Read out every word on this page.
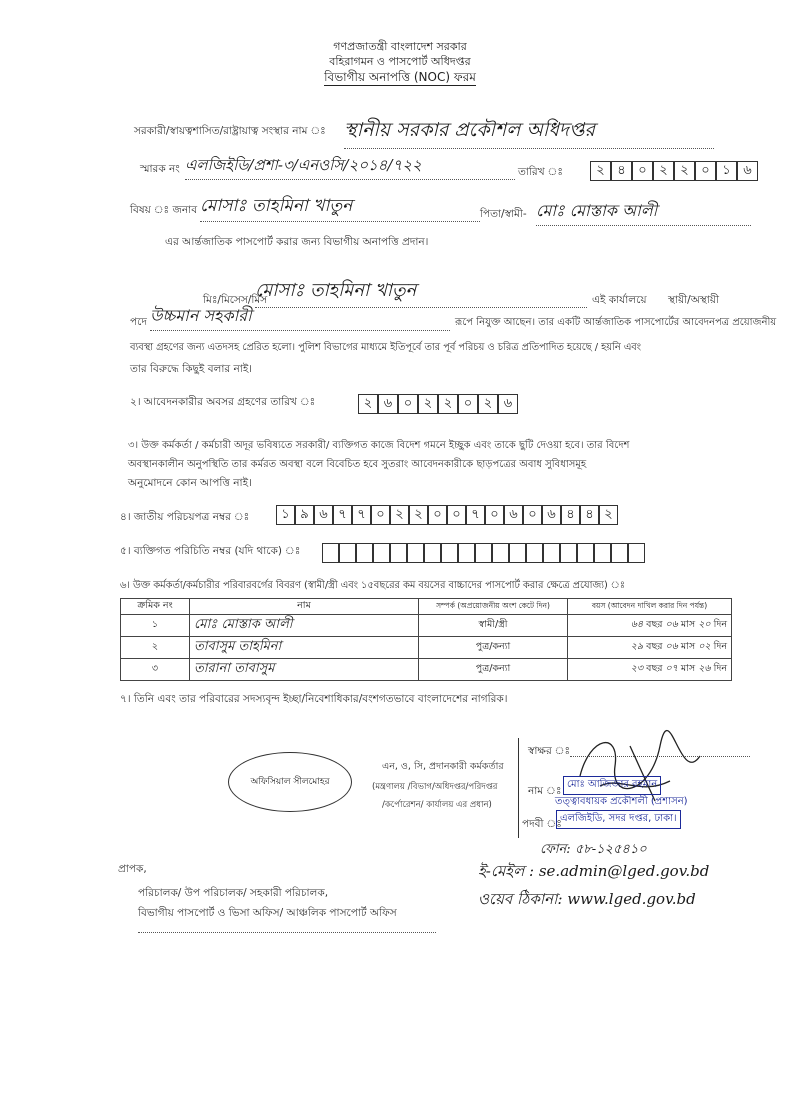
গণপ্রজাতন্ত্রী বাংলাদেশ সরকার
বহিরাগমন ও পাসপোর্ট অধিদপ্তর
বিভাগীয় অনাপত্তি (NOC) ফরম
সরকারী/স্বায়ত্বশাসিত/রাষ্ট্রায়াত্ব সংস্থার নাম ঃ স্থানীয় সরকার প্রকৌশল অধিদপ্তর
স্মারক নং এলজিইডি/প্রশা-৩/এনওসি/২০১৪/৭২২	তারিখ ঃ	২ ৪ ০ ২ ২ ০ ১ ৬
বিষয় ঃ জনাব মোসাঃ তাহমিনা খাতুন	পিতা/স্বামী- মোঃ মোস্তাক আলী
এর আর্ন্তজাতিক পাসপোর্ট করার জন্য বিভাগীয় অনাপত্তি প্রদান।
মিঃ/মিসেস/মিস
মোসাঃ তাহমিনা খাতুন	এই কার্যালয়ে স্থায়ী/অস্থায়ী
পদে উচ্চমান সহকারী	রূপে নিযুক্ত আছেন। তার একটি আর্ন্তজাতিক পাসপোর্টের আবেদনপত্র প্রয়োজনীয়
ব্যবস্থা গ্রহণের জন্য এতদসহ প্রেরিত হলো। পুলিশ বিভাগের মাধ্যমে ইতিপূর্বে তার পূর্ব পরিচয় ও চরিত্র প্রতিপাদিত হয়েছে / হয়নি এবং
তার বিরুদ্ধে কিছুই বলার নাই।
২। আবেদনকারীর অবসর গ্রহণের তারিখ ঃ	২ ৬ ০ ২ ২ ০ ২ ৬
৩। উক্ত কর্মকর্তা / কর্মচারী অদূর ভবিষ্যতে সরকারী/ ব্যক্তিগত কাজে বিদেশ গমনে ইচ্ছুক এবং তাকে ছুটি দেওয়া হবে। তার বিদেশ
অবস্থানকালীন অনুপস্থিতি তার কর্মরত অবস্থা বলে বিবেচিত হবে সুতরাং আবেদনকারীকে ছাড়পত্রের অবাধ সুবিধাসমূহ
অনুমোদনে কোন আপত্তি নাই।
৪। জাতীয় পরিচয়পত্র নম্বর ঃ	১ ৯ ৬ ৭ ৭ ০ ২ ২ ০ ০ ৭ ০ ৬ ০ ৬ ৪ ৪ ২
৫। ব্যক্তিগত পরিচিতি নম্বর (যদি থাকে) ঃ
৬। উক্ত কর্মকর্তা/কর্মচারীর পরিবারবর্গের বিবরণ (স্বামী/স্ত্রী এবং ১৫বছরের কম বয়সের বাচ্চাদের পাসপোর্ট করার ক্ষেত্রে প্রযোজ্য) ঃ
ক্রমিক নং	নাম	সম্পর্ক (অপ্রয়োজনীয় অংশ কেটে দিন)	বয়স (আবেদন দাখিল করার দিন পর্যন্ত)
১	মোঃ মোস্তাক আলী	স্বামী/স্ত্রী	৬৪ বছর ০৬ মাস ২০ দিন
২	তাবাসুম তাহমিনা	পুত্র/কন্যা	২৯ বছর ০৬ মাস ০২ দিন
৩	তারানা তাবাসুম	পুত্র/কন্যা	২৩ বছর ০৭ মাস ২৬ দিন
৭। তিনি এবং তার পরিবারের সদস্যবৃন্দ ইচ্ছা/নিবেশাধিকার/বংশগতভাবে বাংলাদেশের নাগরিক।
অফিসিয়াল সীলমোহর
এন, ও, সি, প্রদানকারী কর্মকর্তার
(মন্ত্রণালয় /বিভাগ/অধিদপ্তর/পরিদপ্তর
/কর্পোরেশন/ কার্যালয় এর প্রধান)
স্বাক্ষর ঃ
নাম ঃ
মোঃ আজিজার রহমান
তত্ত্বাবধায়ক প্রকৌশলী (প্রশাসন)
পদবী ঃ
এলজিইডি, সদর দপ্তর, ঢাকা।
ফোন: ৫৮-১২৫৪১০
ই-মেইল : se.admin@lged.gov.bd
ওয়েব ঠিকানা: www.lged.gov.bd
প্রাপক,
পরিচালক/ উপ পরিচালক/ সহকারী পরিচালক,
বিভাগীয় পাসপোর্ট ও ভিসা অফিস/ আঞ্চলিক পাসপোর্ট অফিস
